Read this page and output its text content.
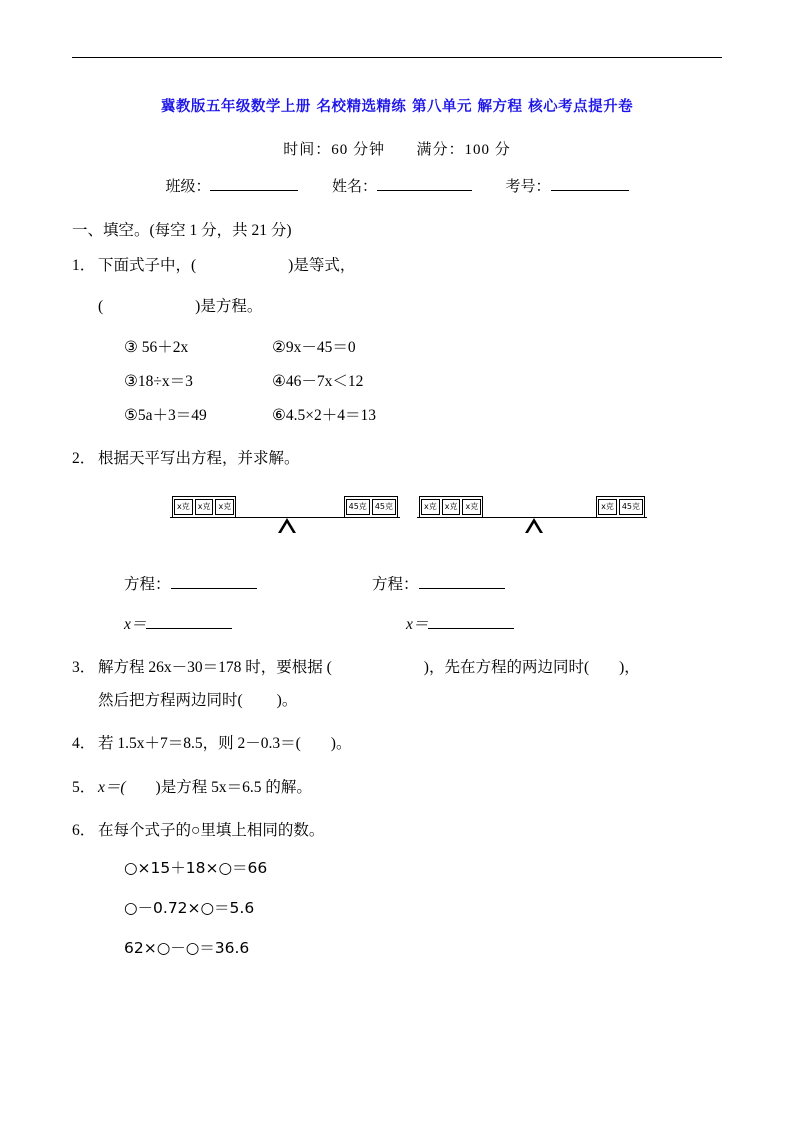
冀教版五年级数学上册 名校精选精练 第八单元 解方程 核心考点提升卷
时间：60 分钟 满分：100 分
班级：	姓名：	考号：
一、填空。(每空 1 分，共 21 分)
1． 下面式子中，(	)是等式，
(	)是方程。
③ 56＋2x	②9x－45＝0
③18÷x＝3	④46－7x＜12
⑤5a＋3＝49	⑥4.5×2＋4＝13
2． 根据天平写出方程，并求解。
x克	x克	x克	45克	45克	x克	x克	x克	x克	45克
方程：	方程：
x＝	x＝
3． 解方程 26x－30＝178 时，要根据 (	)，先在方程的两边同时( )，
然后把方程两边同时( )。
4． 若 1.5x＋7＝8.5，则 2－0.3＝( )。
5． x＝( )是方程 5x＝6.5 的解。
6． 在每个式子的○里填上相同的数。
○×15＋18×○＝66
○－0.72×○＝5.6
62×○－○＝36.6
